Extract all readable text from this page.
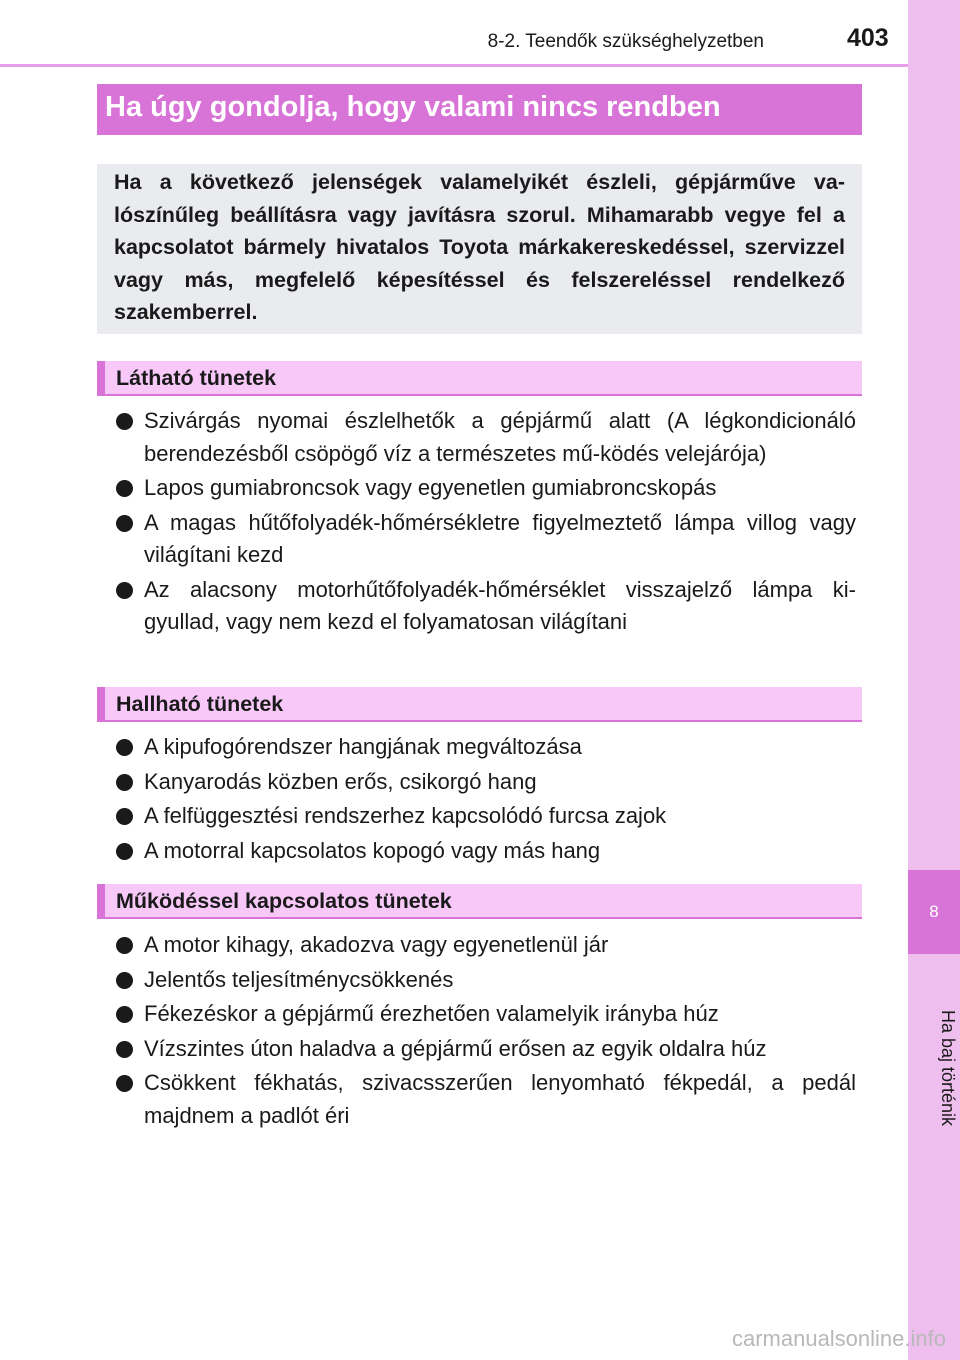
8-2. Teendők szükséghelyzetben	403
8
Ha baj történik
Ha úgy gondolja, hogy valami nincs rendben
Ha a következő jelenségek valamelyikét észleli, gépjárműve va-lószínűleg beállításra vagy javításra szorul. Mihamarabb vegye fel a kapcsolatot bármely hivatalos Toyota márkakereskedéssel, szervizzel vagy más, megfelelő képesítéssel és felszereléssel rendelkező szakemberrel.
Látható tünetek
Szivárgás nyomai észlelhetők a gépjármű alatt (A légkondicionáló berendezésből csöpögő víz a természetes mű-ködés velejárója)
Lapos gumiabroncsok vagy egyenetlen gumiabroncskopás
A magas hűtőfolyadék-hőmérsékletre figyelmeztető lámpa villog vagy világítani kezd
Az alacsony motorhűtőfolyadék-hőmérséklet visszajelző lámpa ki-gyullad, vagy nem kezd el folyamatosan világítani
Hallható tünetek
A kipufogórendszer hangjának megváltozása
Kanyarodás közben erős, csikorgó hang
A felfüggesztési rendszerhez kapcsolódó furcsa zajok
A motorral kapcsolatos kopogó vagy más hang
Működéssel kapcsolatos tünetek
A motor kihagy, akadozva vagy egyenetlenül jár
Jelentős teljesítménycsökkenés
Fékezéskor a gépjármű érezhetően valamelyik irányba húz
Vízszintes úton haladva a gépjármű erősen az egyik oldalra húz
Csökkent fékhatás, szivacsszerűen lenyomható fékpedál, a pedál majdnem a padlót éri
carmanualsonline.info
